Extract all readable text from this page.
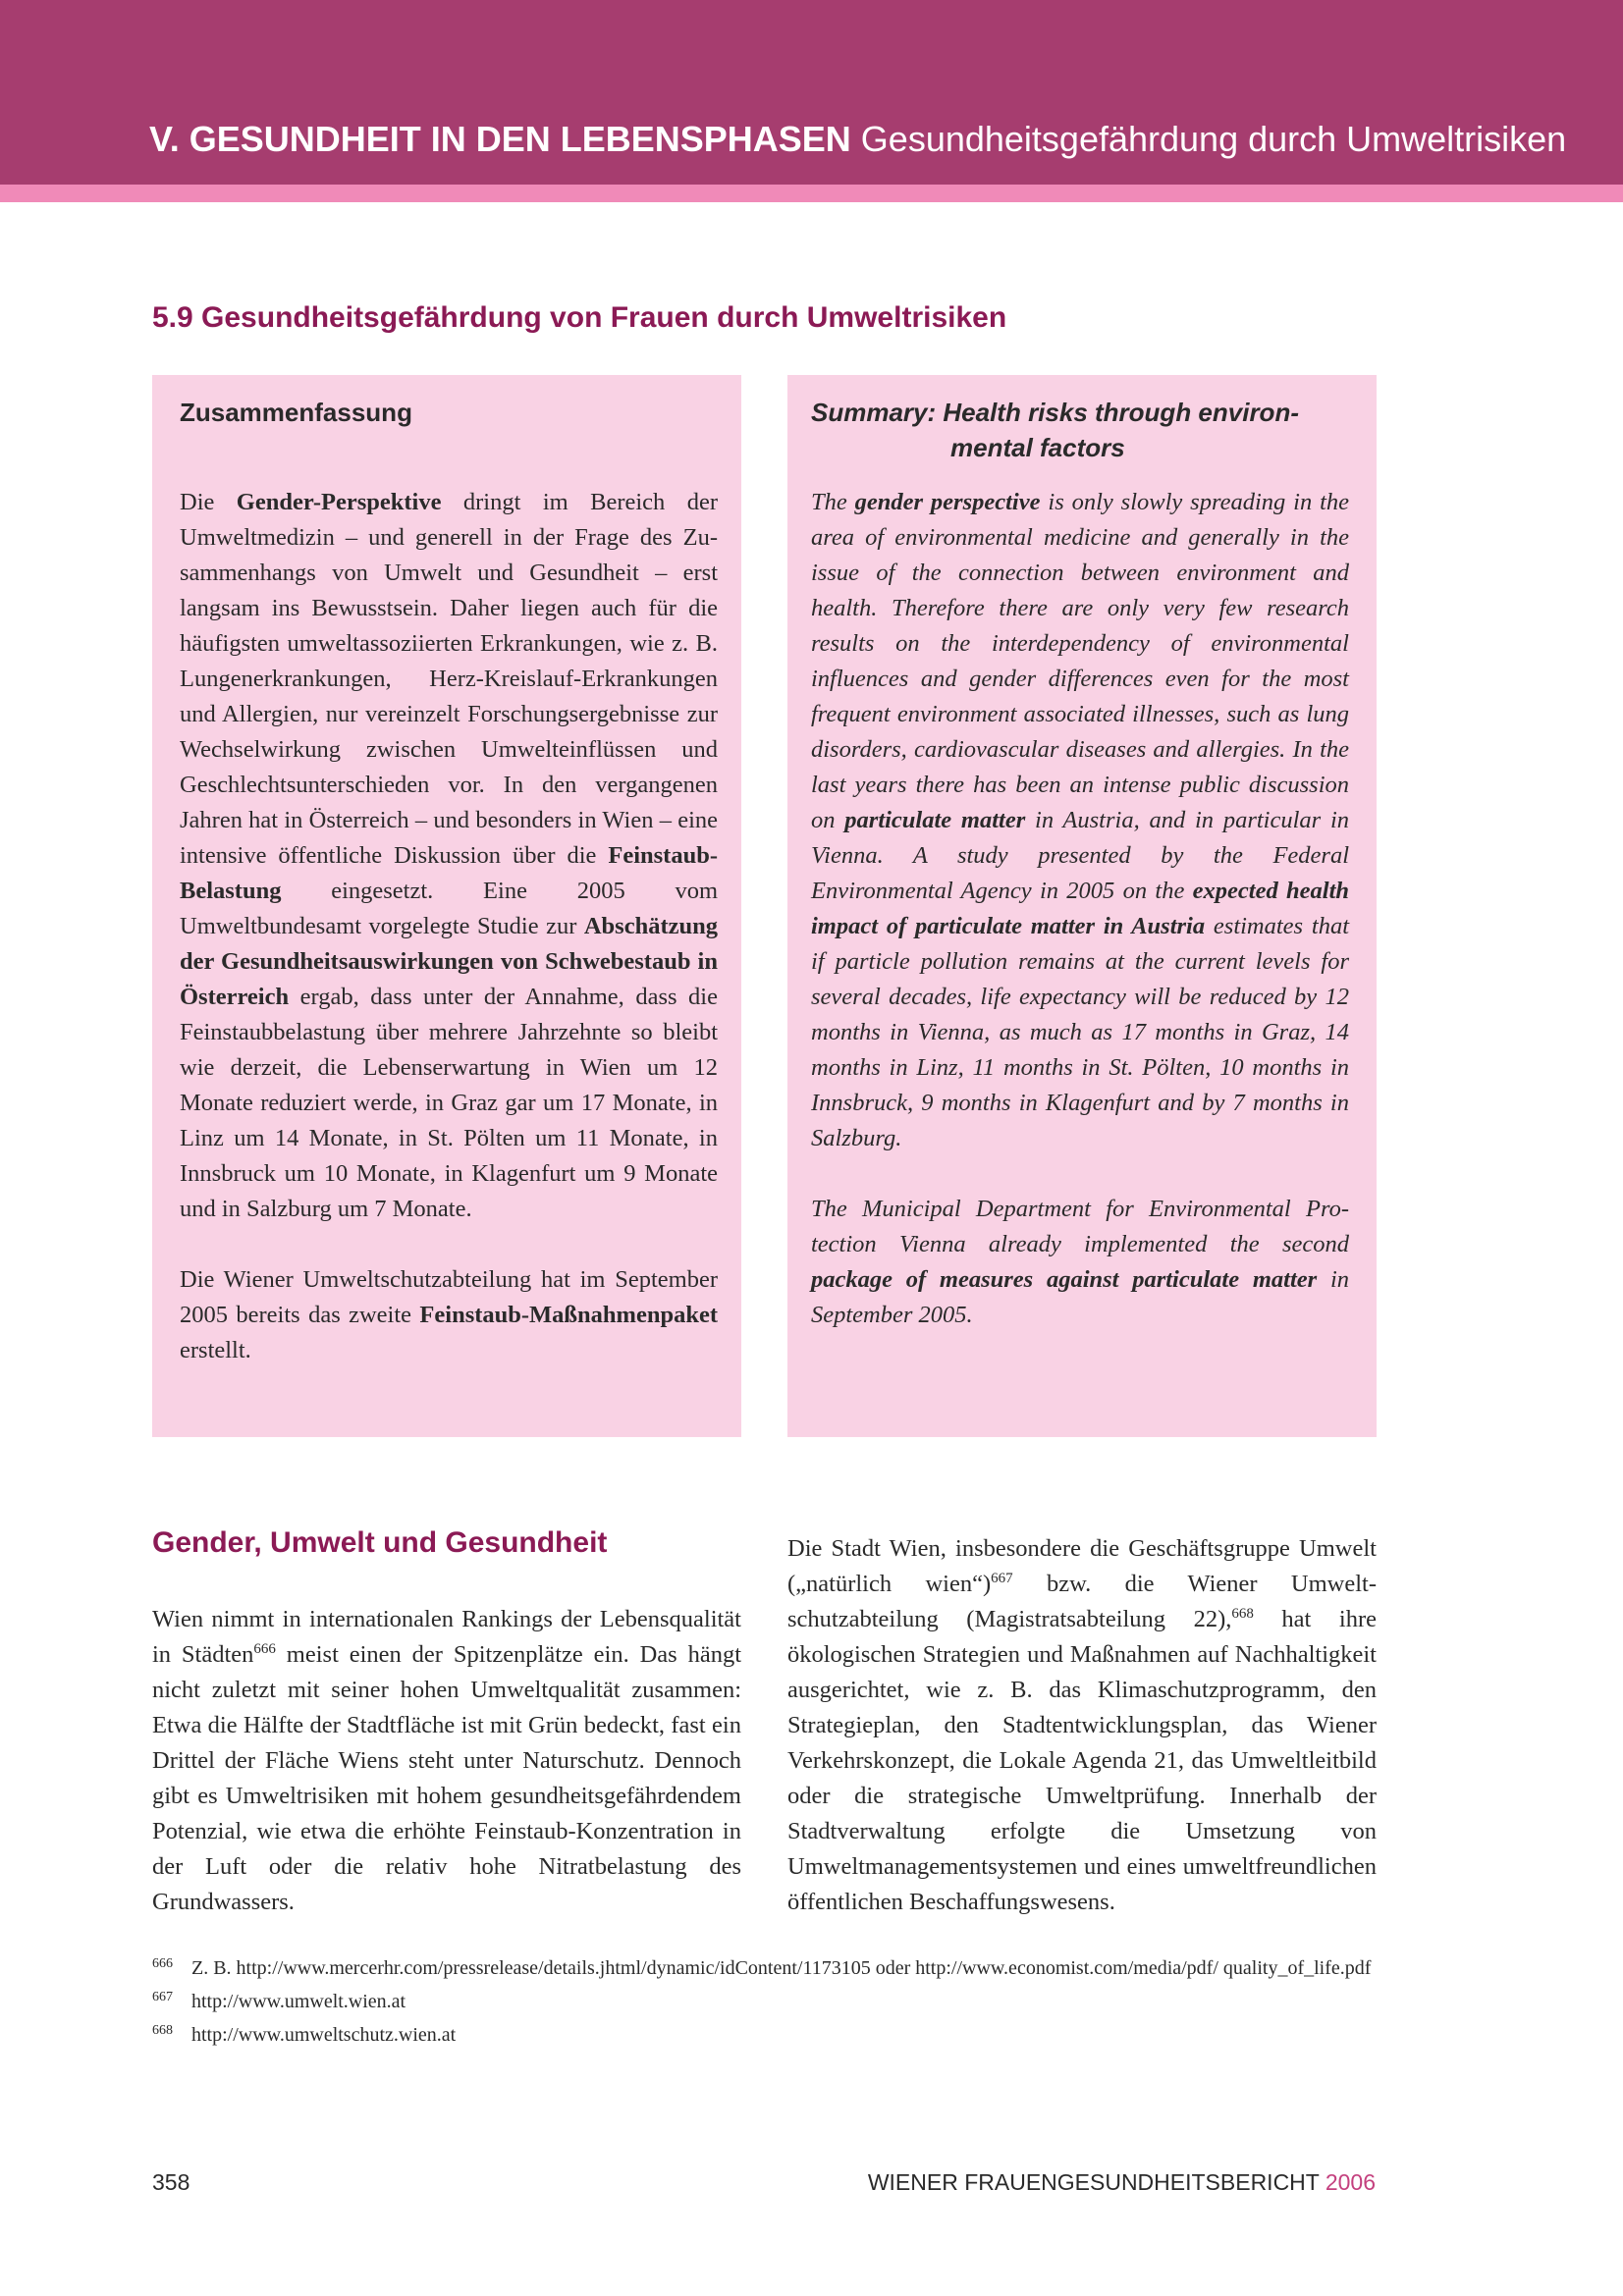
V. GESUNDHEIT IN DEN LEBENSPHASEN Gesundheitsgefährdung durch Umweltrisiken
5.9 Gesundheitsgefährdung von Frauen durch Umweltrisiken
Zusammenfassung

Die Gender-Perspektive dringt im Bereich der Umweltmedizin – und generell in der Frage des Zusammenhangs von Umwelt und Gesundheit – erst langsam ins Bewusstsein. Daher liegen auch für die häufigsten umweltassoziierten Erkrankungen, wie z. B. Lungenerkrankungen, Herz-Kreislauf-Erkrankungen und Allergien, nur vereinzelt Forschungsergebnisse zur Wechselwirkung zwischen Umwelteinflüssen und Geschlechtsunterschieden vor. In den vergangenen Jahren hat in Österreich – und besonders in Wien – eine intensive öffentliche Diskussion über die Feinstaub-Belastung eingesetzt. Eine 2005 vom Umweltbundesamt vorgelegte Studie zur Abschätzung der Gesundheitsauswirkungen von Schwebestaub in Österreich ergab, dass unter der Annahme, dass die Feinstaubbelastung über mehrere Jahrzehnte so bleibt wie derzeit, die Lebenserwartung in Wien um 12 Monate reduziert werde, in Graz gar um 17 Monate, in Linz um 14 Monate, in St. Pölten um 11 Monate, in Innsbruck um 10 Monate, in Klagenfurt um 9 Monate und in Salzburg um 7 Monate.

Die Wiener Umweltschutzabteilung hat im September 2005 bereits das zweite Feinstaub-Maßnahmenpaket erstellt.

Summary: Health risks through environ-
mental factors

The gender perspective is only slowly spreading in the area of environmental medicine and generally in the issue of the connection between environment and health. Therefore there are only very few research results on the interdependency of environmental influences and gender differences even for the most frequent environment associated illnesses, such as lung disorders, cardiovascular diseases and allergies. In the last years there has been an intense public discussion on particulate matter in Austria, and in particular in Vienna. A study presented by the Federal Environmental Agency in 2005 on the expected health impact of particulate matter in Austria estimates that if particle pollution remains at the current levels for several decades, life expectancy will be reduced by 12 months in Vienna, as much as 17 months in Graz, 14 months in Linz, 11 months in St. Pölten, 10 months in Innsbruck, 9 months in Klagenfurt and by 7 months in Salzburg.

The Municipal Department for Environmental Protection Vienna already implemented the second package of measures against particulate matter in September 2005.

Gender, Umwelt und Gesundheit

Wien nimmt in internationalen Rankings der Lebensqualität in Städten$^{666}$ meist einen der Spitzenplätze ein. Das hängt nicht zuletzt mit seiner hohen Umweltqualität zusammen: Etwa die Hälfte der Stadtfläche ist mit Grün bedeckt, fast ein Drittel der Fläche Wiens steht unter Naturschutz. Dennoch gibt es Umweltrisiken mit hohem gesundheitsgefährdendem Potenzial, wie etwa die erhöhte Feinstaub-Konzentration in der Luft oder die relativ hohe Nitratbelastung des Grundwassers.

Die Stadt Wien, insbesondere die Geschäftsgruppe Umwelt („natürlich wien“)$^{667}$ bzw. die Wiener Umweltschutzabteilung (Magistratsabteilung 22),$^{668}$ hat ihre ökologischen Strategien und Maßnahmen auf Nachhaltigkeit ausgerichtet, wie z. B. das Klimaschutzprogramm, den Strategieplan, den Stadtentwicklungsplan, das Wiener Verkehrskonzept, die Lokale Agenda 21, das Umweltleitbild oder die strategische Umweltprüfung. Innerhalb der Stadtverwaltung erfolgte die Umsetzung von Umweltmanagementsystemen und eines umweltfreundlichen öffentlichen Beschaffungswesens.

666 Z. B. http://www.mercerhr.com/pressrelease/details.jhtml/dynamic/idContent/1173105 oder http://www.economist.com/media/pdf/ quality_of_life.pdf
667 http://www.umwelt.wien.at
668 http://www.umweltschutz.wien.at
358	WIENER FRAUENGESUNDHEITSBERICHT 2006
